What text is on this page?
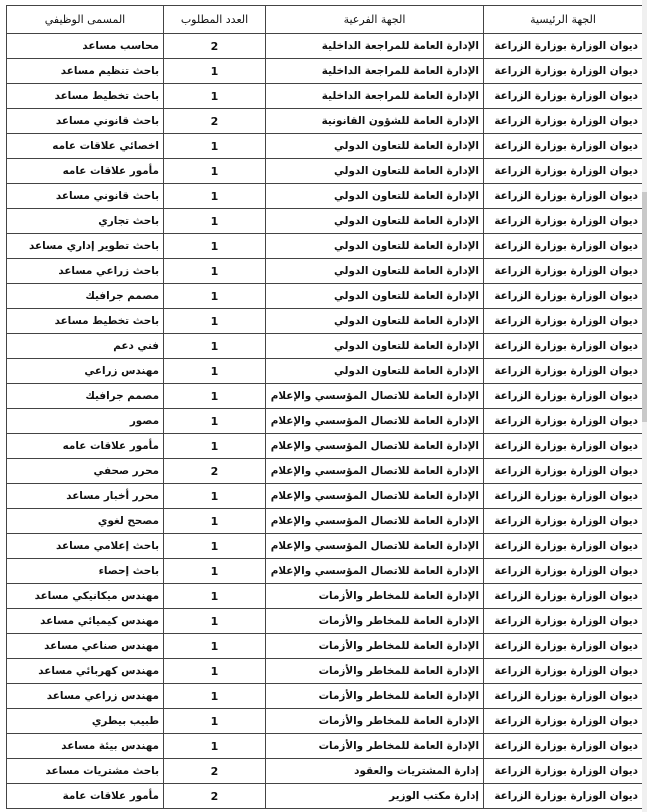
الجهة الرئيسية	الجهة الفرعية	العدد المطلوب	المسمى الوظيفي
ديوان الوزارة بوزارة الزراعة	الإدارة العامة للمراجعة الداخلية	2	محاسب مساعد
ديوان الوزارة بوزارة الزراعة	الإدارة العامة للمراجعة الداخلية	1	باحث تنظيم مساعد
ديوان الوزارة بوزارة الزراعة	الإدارة العامة للمراجعة الداخلية	1	باحث تخطيط مساعد
ديوان الوزارة بوزارة الزراعة	الإدارة العامة للشؤون القانونية	2	باحث قانوني مساعد
ديوان الوزارة بوزارة الزراعة	الإدارة العامة للتعاون الدولي	1	اخصائي علاقات عامه
ديوان الوزارة بوزارة الزراعة	الإدارة العامة للتعاون الدولي	1	مأمور علاقات عامه
ديوان الوزارة بوزارة الزراعة	الإدارة العامة للتعاون الدولي	1	باحث قانوني مساعد
ديوان الوزارة بوزارة الزراعة	الإدارة العامة للتعاون الدولي	1	باحث تجاري
ديوان الوزارة بوزارة الزراعة	الإدارة العامة للتعاون الدولي	1	باحث تطوير إداري مساعد
ديوان الوزارة بوزارة الزراعة	الإدارة العامة للتعاون الدولي	1	باحث زراعي مساعد
ديوان الوزارة بوزارة الزراعة	الإدارة العامة للتعاون الدولي	1	مصمم جرافيك
ديوان الوزارة بوزارة الزراعة	الإدارة العامة للتعاون الدولي	1	باحث تخطيط مساعد
ديوان الوزارة بوزارة الزراعة	الإدارة العامة للتعاون الدولي	1	فني دعم
ديوان الوزارة بوزارة الزراعة	الإدارة العامة للتعاون الدولي	1	مهندس زراعي
ديوان الوزارة بوزارة الزراعة	الإدارة العامة للاتصال المؤسسي والإعلام	1	مصمم جرافيك
ديوان الوزارة بوزارة الزراعة	الإدارة العامة للاتصال المؤسسي والإعلام	1	مصور
ديوان الوزارة بوزارة الزراعة	الإدارة العامة للاتصال المؤسسي والإعلام	1	مأمور علاقات عامه
ديوان الوزارة بوزارة الزراعة	الإدارة العامة للاتصال المؤسسي والإعلام	2	محرر صحفي
ديوان الوزارة بوزارة الزراعة	الإدارة العامة للاتصال المؤسسي والإعلام	1	محرر أخبار مساعد
ديوان الوزارة بوزارة الزراعة	الإدارة العامة للاتصال المؤسسي والإعلام	1	مصحح لغوي
ديوان الوزارة بوزارة الزراعة	الإدارة العامة للاتصال المؤسسي والإعلام	1	باحث إعلامي مساعد
ديوان الوزارة بوزارة الزراعة	الإدارة العامة للاتصال المؤسسي والإعلام	1	باحث إحصاء
ديوان الوزارة بوزارة الزراعة	الإدارة العامة للمخاطر والأزمات	1	مهندس ميكانيكي مساعد
ديوان الوزارة بوزارة الزراعة	الإدارة العامة للمخاطر والأزمات	1	مهندس كيميائي مساعد
ديوان الوزارة بوزارة الزراعة	الإدارة العامة للمخاطر والأزمات	1	مهندس صناعي مساعد
ديوان الوزارة بوزارة الزراعة	الإدارة العامة للمخاطر والأزمات	1	مهندس كهربائي مساعد
ديوان الوزارة بوزارة الزراعة	الإدارة العامة للمخاطر والأزمات	1	مهندس زراعي مساعد
ديوان الوزارة بوزارة الزراعة	الإدارة العامة للمخاطر والأزمات	1	طبيب بيطري
ديوان الوزارة بوزارة الزراعة	الإدارة العامة للمخاطر والأزمات	1	مهندس بيئة مساعد
ديوان الوزارة بوزارة الزراعة	إدارة المشتريات والعقود	2	باحث مشتريات مساعد
ديوان الوزارة بوزارة الزراعة	إدارة مكتب الوزير	2	مأمور علاقات عامة
